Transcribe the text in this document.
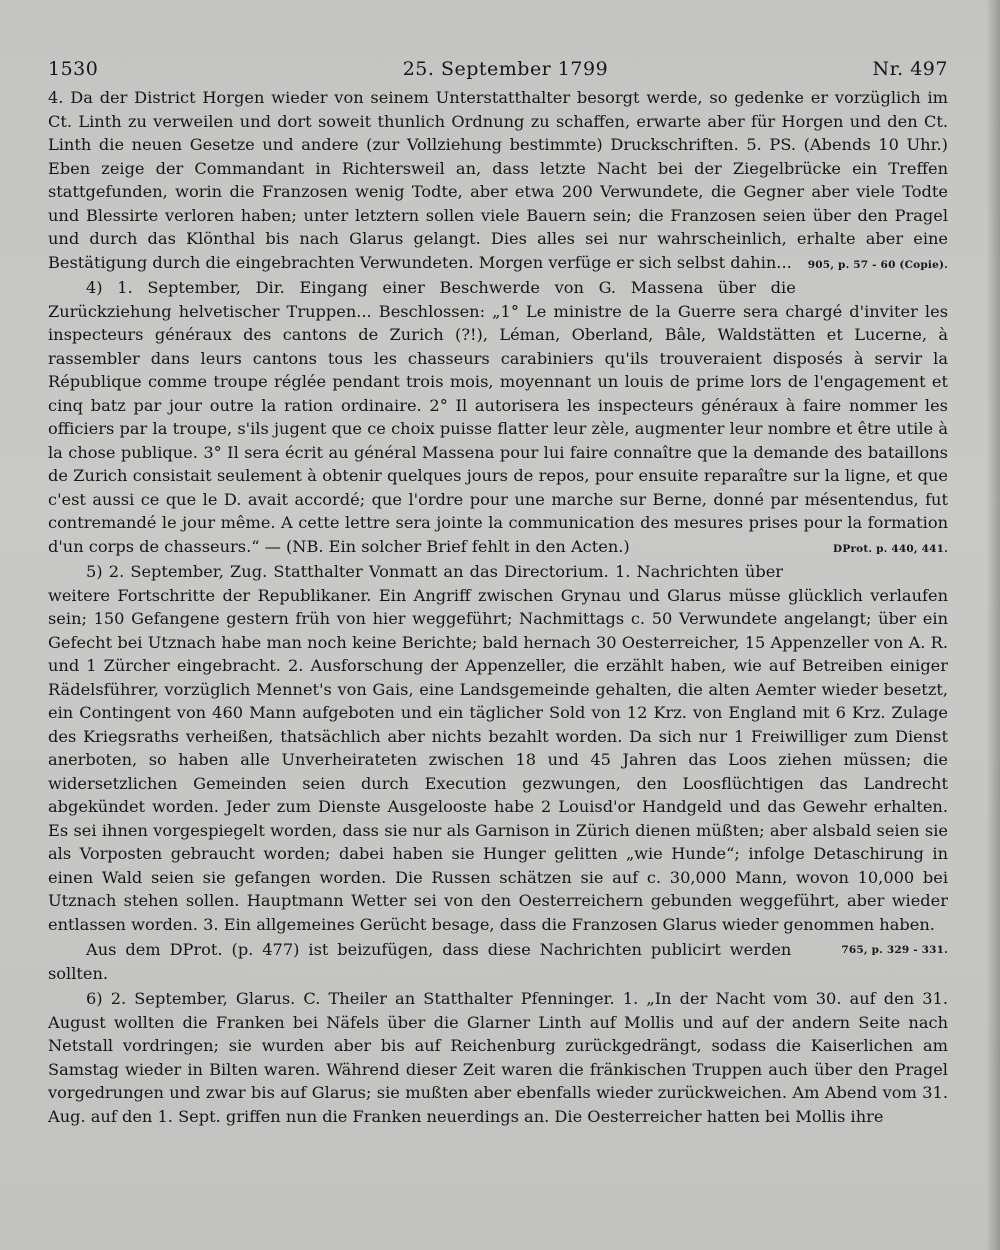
1530	25. September 1799	Nr. 497

4. Da der District Horgen wieder von seinem Unterstatthalter besorgt werde, so gedenke er vorzüglich im Ct. Linth zu verweilen und dort soweit thunlich Ordnung zu schaffen, erwarte aber für Horgen und den Ct. Linth die neuen Gesetze und andere (zur Vollziehung bestimmte) Druckschriften. 5. PS. (Abends 10 Uhr.) Eben zeige der Commandant in Richtersweil an, dass letzte Nacht bei der Ziegelbrücke ein Treffen stattgefunden, worin die Franzosen wenig Todte, aber etwa 200 Verwundete, die Gegner aber viele Todte und Blessirte verloren haben; unter letztern sollen viele Bauern sein; die Franzosen seien über den Pragel und durch das Klönthal bis nach Glarus gelangt. Dies alles sei nur wahrscheinlich, erhalte aber eine Bestätigung durch die eingebrachten Verwundeten. Morgen verfüge er sich selbst dahin... 905, p. 57 - 60 (Copie).

4) 1. September, Dir. Eingang einer Beschwerde von G. Massena über die Zurückziehung helvetischer Truppen... Beschlossen: „1° Le ministre de la Guerre sera chargé d'inviter les inspecteurs généraux des cantons de Zurich (?!), Léman, Oberland, Bâle, Waldstätten et Lucerne, à rassembler dans leurs cantons tous les chasseurs carabiniers qu'ils trouveraient disposés à servir la République comme troupe réglée pendant trois mois, moyennant un louis de prime lors de l'engagement et cinq batz par jour outre la ration ordinaire. 2° Il autorisera les inspecteurs généraux à faire nommer les officiers par la troupe, s'ils jugent que ce choix puisse flatter leur zèle, augmenter leur nombre et être utile à la chose publique. 3° Il sera écrit au général Massena pour lui faire connaître que la demande des bataillons de Zurich consistait seulement à obtenir quelques jours de repos, pour ensuite reparaître sur la ligne, et que c'est aussi ce que le D. avait accordé; que l'ordre pour une marche sur Berne, donné par mésentendus, fut contremandé le jour même. A cette lettre sera jointe la communication des mesures prises pour la formation d'un corps de chasseurs.“ — (NB. Ein solcher Brief fehlt in den Acten.)	DProt. p. 440, 441.

5) 2. September, Zug. Statthalter Vonmatt an das Directorium. 1. Nachrichten über weitere Fortschritte der Republikaner. Ein Angriff zwischen Grynau und Glarus müsse glücklich verlaufen sein; 150 Gefangene gestern früh von hier weggeführt; Nachmittags c. 50 Verwundete angelangt; über ein Gefecht bei Utznach habe man noch keine Berichte; bald hernach 30 Oesterreicher, 15 Appenzeller von A. R. und 1 Zürcher eingebracht. 2. Ausforschung der Appenzeller, die erzählt haben, wie auf Betreiben einiger Rädelsführer, vorzüglich Mennet's von Gais, eine Landsgemeinde gehalten, die alten Aemter wieder besetzt, ein Contingent von 460 Mann aufgeboten und ein täglicher Sold von 12 Krz. von England mit 6 Krz. Zulage des Kriegsraths verheißen, thatsächlich aber nichts bezahlt worden. Da sich nur 1 Freiwilliger zum Dienst anerboten, so haben alle Unverheirateten zwischen 18 und 45 Jahren das Loos ziehen müssen; die widersetzlichen Gemeinden seien durch Execution gezwungen, den Loosflüchtigen das Landrecht abgekündet worden. Jeder zum Dienste Ausgelooste habe 2 Louisd'or Handgeld und das Gewehr erhalten. Es sei ihnen vorgespiegelt worden, dass sie nur als Garnison in Zürich dienen müßten; aber alsbald seien sie als Vorposten gebraucht worden; dabei haben sie Hunger gelitten „wie Hunde“; infolge Detaschirung in einen Wald seien sie gefangen worden. Die Russen schätzen sie auf c. 30,000 Mann, wovon 10,000 bei Utznach stehen sollen. Hauptmann Wetter sei von den Oesterreichern gebunden weggeführt, aber wieder entlassen worden. 3. Ein allgemeines Gerücht besage, dass die Franzosen Glarus wieder genommen haben.
765, p. 329 - 331.

Aus dem DProt. (p. 477) ist beizufügen, dass diese Nachrichten publicirt werden sollten.

6) 2. September, Glarus. C. Theiler an Statthalter Pfenninger. 1. „In der Nacht vom 30. auf den 31. August wollten die Franken bei Näfels über die Glarner Linth auf Mollis und auf der andern Seite nach Netstall vordringen; sie wurden aber bis auf Reichenburg zurückgedrängt, sodass die Kaiserlichen am Samstag wieder in Bilten waren. Während dieser Zeit waren die fränkischen Truppen auch über den Pragel vorgedrungen und zwar bis auf Glarus; sie mußten aber ebenfalls wieder zurückweichen. Am Abend vom 31. Aug. auf den 1. Sept. griffen nun die Franken neuerdings an. Die Oesterreicher hatten bei Mollis ihre
